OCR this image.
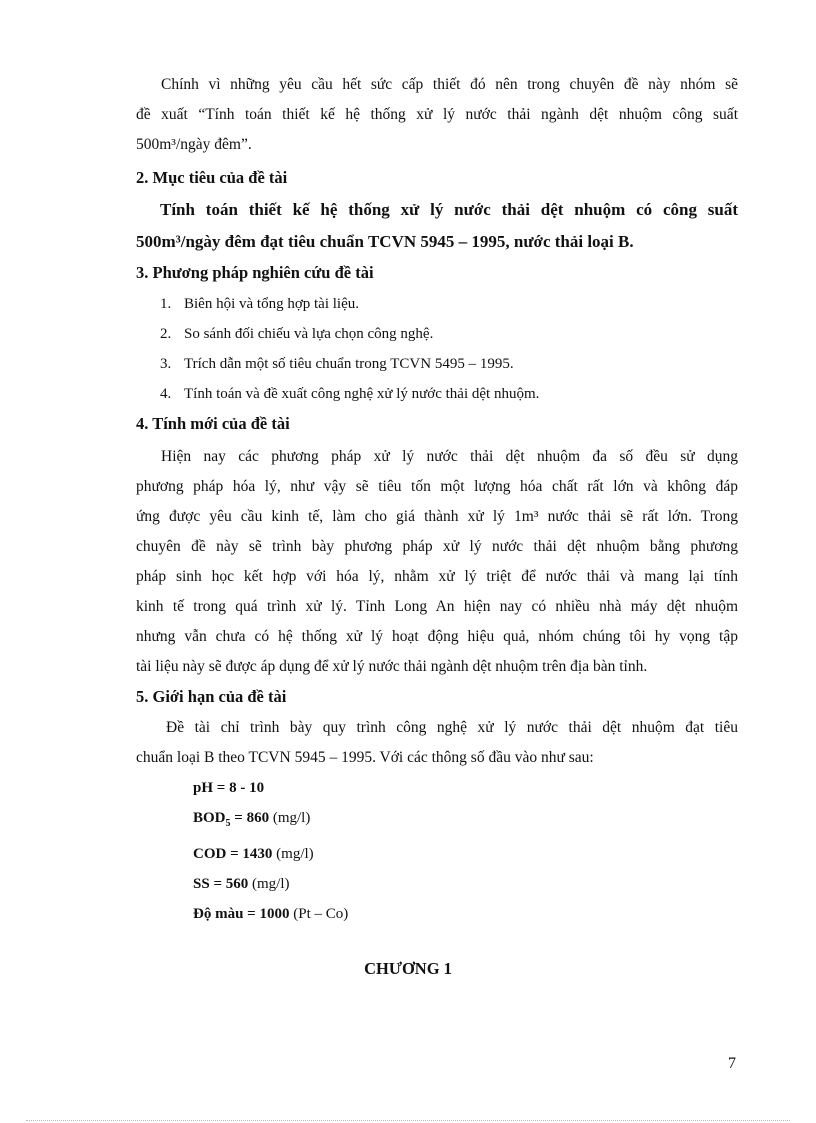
Chính vì những yêu cầu hết sức cấp thiết đó nên trong chuyên đề này nhóm sẽ
đề xuất “Tính toán thiết kế hệ thống xử lý nước thải ngành dệt nhuộm công suất
500m³/ngày đêm”.
2. Mục tiêu của đề tài
Tính toán thiết kế hệ thống xử lý nước thải dệt nhuộm có công suất
500m³/ngày đêm đạt tiêu chuẩn TCVN 5945 – 1995, nước thải loại B.
3. Phương pháp nghiên cứu đề tài
1. Biên hội và tổng hợp tài liệu.
2. So sánh đối chiếu và lựa chọn công nghệ.
3. Trích dẫn một số tiêu chuẩn trong TCVN 5495 – 1995.
4. Tính toán và đề xuất công nghệ xử lý nước thải dệt nhuộm.
4. Tính mới của đề tài
Hiện nay các phương pháp xử lý nước thải dệt nhuộm đa số đều sử dụng
phương pháp hóa lý, như vậy sẽ tiêu tốn một lượng hóa chất rất lớn và không đáp
ứng được yêu cầu kinh tế, làm cho giá thành xử lý 1m³ nước thải sẽ rất lớn. Trong
chuyên đề này sẽ trình bày phương pháp xử lý nước thải dệt nhuộm bằng phương
pháp sinh học kết hợp với hóa lý, nhằm xử lý triệt để nước thải và mang lại tính
kinh tế trong quá trình xử lý. Tỉnh Long An hiện nay có nhiều nhà máy dệt nhuộm
nhưng vẫn chưa có hệ thống xử lý hoạt động hiệu quả, nhóm chúng tôi hy vọng tập
tài liệu này sẽ được áp dụng để xử lý nước thải ngành dệt nhuộm trên địa bàn tỉnh.
5. Giới hạn của đề tài
Đề tài chỉ trình bày quy trình công nghệ xử lý nước thải dệt nhuộm đạt tiêu
chuẩn loại B theo TCVN 5945 – 1995. Với các thông số đầu vào như sau:
pH = 8 - 10
$BOD_5 = 860$ (mg/l)
COD = 1430 (mg/l)
SS = 560 (mg/l)
Độ màu = 1000 (Pt – Co)
CHƯƠNG 1
7
